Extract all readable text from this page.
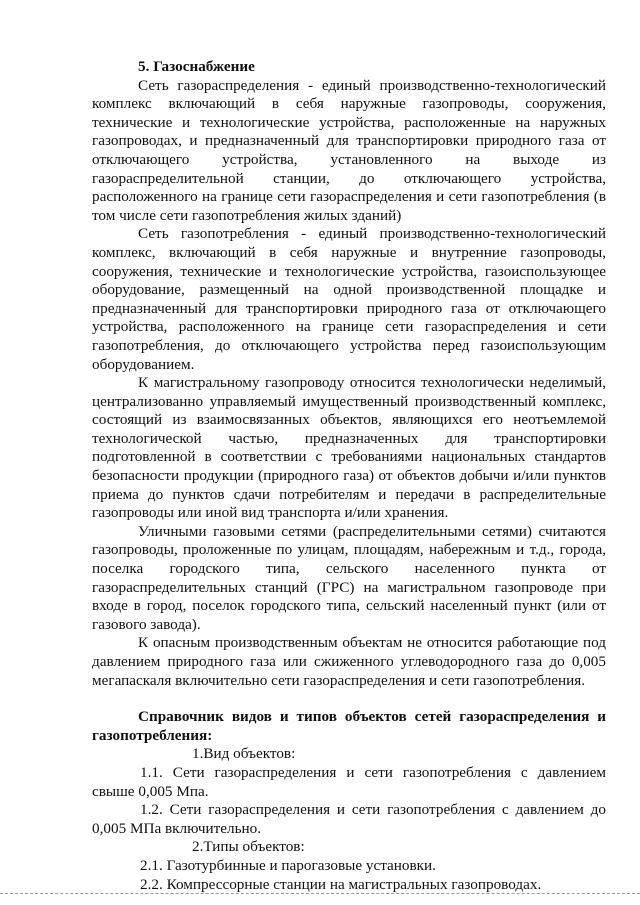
5. Газоснабжение

Сеть газораспределения - единый производственно-технологический комплекс включающий в себя наружные газопроводы, сооружения, техничеcкие и технологические устройства, расположенные на наружных газопроводах, и предназначенный для транспортировки природного газа от отключающего устройства, установленного на выходе из газораспределительной станции, до отключающего устройства, расположенного на границе сети газораспределения и сети газопотребления (в том числе сети газопотребления жилых зданий)

Сеть газопотребления - единый производственно-технологический комплекс, включающий в себя наружные и внутренние газопроводы, сооружения, технические и технологические устройства, газоиспользующее оборудование, размещенный на одной производственной площадке и предназначенный для транспортировки природного газа от отключающего устройства, расположенного на границе сети газораспределения и сети газопотребления, до отключающего устройства перед газоиспользующим оборудованием.

К магистральному газопроводу относится технологически неделимый, централизованно управляемый имущественный производственный комплекс, состоящий из взаимосвязанных объектов, являющихся его неотъемлемой технологической частью, предназначенных для транспортировки подготовленной в соответствии с требованиями национальных стандартов безопасности продукции (природного газа) от объектов добычи и/или пунктов приема до пунктов сдачи потребителям и передачи в распределительные газопроводы или иной вид транспорта и/или хранения.

Уличными газовыми сетями (распределительными сетями) считаются газопроводы, проложенные по улицам, площадям, набережным и т.д., города, поселка городского типа, сельского населенного пункта от газораспределительных станций (ГРС) на магистральном газопроводе при входе в город, поселок городского типа, сельский населенный пункт (или от газового завода).

К опасным производственным объектам не относится работающие под давлением природного газа или сжиженного углеводородного газа до 0,005 мегапаскаля включительно сети газораспределения и сети газопотребления.

Справочник видов и типов объектов сетей газораспределения и газопотребления:

1.Вид объектов:

1.1. Сети газораспределения и сети газопотребления с давлением свыше 0,005 Мпа.

1.2. Сети газораспределения и сети газопотребления с давлением до 0,005 МПа включительно.

2.Типы объектов:

2.1. Газотурбинные и парогазовые установки.

2.2. Компрессорные станции на магистральных газопроводах.
